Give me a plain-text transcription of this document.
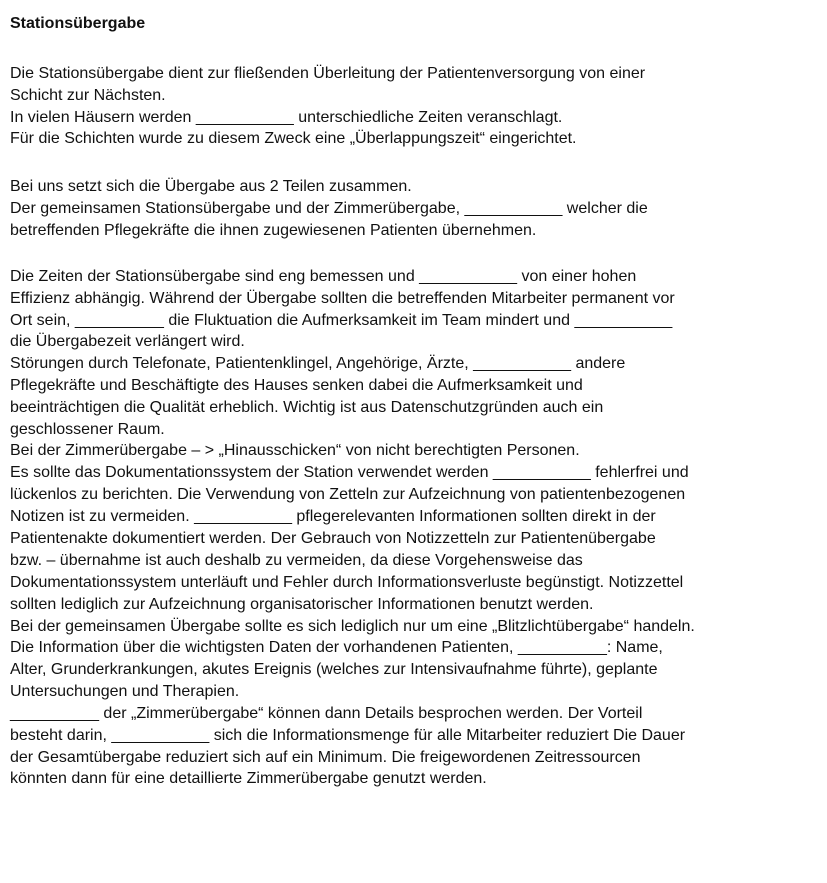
Stationsübergabe
Die Stationsübergabe dient zur fließenden Überleitung der Patientenversorgung von einer
Schicht zur Nächsten.
In vielen Häusern werden ___________ unterschiedliche Zeiten veranschlagt.
Für die Schichten wurde zu diesem Zweck eine „Überlappungszeit“ eingerichtet.
Bei uns setzt sich die Übergabe aus 2 Teilen zusammen.
Der gemeinsamen Stationsübergabe und der Zimmerübergabe, ___________ welcher die
betreffenden Pflegekräfte die ihnen zugewiesenen Patienten übernehmen.
Die Zeiten der Stationsübergabe sind eng bemessen und ___________ von einer hohen
Effizienz abhängig. Während der Übergabe sollten die betreffenden Mitarbeiter permanent vor
Ort sein, __________ die Fluktuation die Aufmerksamkeit im Team mindert und ___________
die Übergabezeit verlängert wird.
Störungen durch Telefonate, Patientenklingel, Angehörige, Ärzte, ___________ andere
Pflegekräfte und Beschäftigte des Hauses senken dabei die Aufmerksamkeit und
beeinträchtigen die Qualität erheblich. Wichtig ist aus Datenschutzgründen auch ein
geschlossener Raum.
Bei der Zimmerübergabe – > „Hinausschicken“ von nicht berechtigten Personen.
Es sollte das Dokumentationssystem der Station verwendet werden ___________ fehlerfrei und
lückenlos zu berichten. Die Verwendung von Zetteln zur Aufzeichnung von patientenbezogenen
Notizen ist zu vermeiden. ___________ pflegerelevanten Informationen sollten direkt in der
Patientenakte dokumentiert werden. Der Gebrauch von Notizzetteln zur Patientenübergabe
bzw. – übernahme ist auch deshalb zu vermeiden, da diese Vorgehensweise das
Dokumentationssystem unterläuft und Fehler durch Informationsverluste begünstigt. Notizzettel
sollten lediglich zur Aufzeichnung organisatorischer Informationen benutzt werden.
Bei der gemeinsamen Übergabe sollte es sich lediglich nur um eine „Blitzlichtübergabe“ handeln.
Die Information über die wichtigsten Daten der vorhandenen Patienten, __________: Name,
Alter, Grunderkrankungen, akutes Ereignis (welches zur Intensivaufnahme führte), geplante
Untersuchungen und Therapien.
__________ der „Zimmerübergabe“ können dann Details besprochen werden. Der Vorteil
besteht darin, ___________ sich die Informationsmenge für alle Mitarbeiter reduziert Die Dauer
der Gesamtübergabe reduziert sich auf ein Minimum. Die freigewordenen Zeitressourcen
könnten dann für eine detaillierte Zimmerübergabe genutzt werden.
